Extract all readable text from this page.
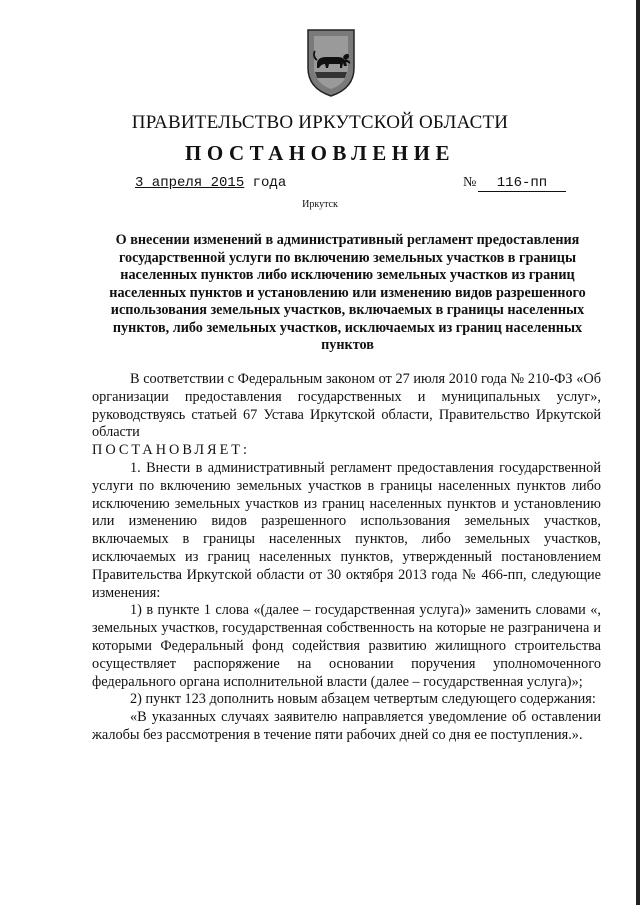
ПРАВИТЕЛЬСТВО ИРКУТСКОЙ ОБЛАСТИ
ПОСТАНОВЛЕНИЕ
3 апреля 2015 года	№	116-пп
Иркутск
О внесении изменений в административный регламент предоставления государственной услуги по включению земельных участков в границы населенных пунктов либо исключению земельных участков из границ населенных пунктов и установлению или изменению видов разрешенного использования земельных участков, включаемых в границы населенных пунктов, либо земельных участков, исключаемых из границ населенных пунктов

В соответствии с Федеральным законом от 27 июля 2010 года № 210-ФЗ «Об организации предоставления государственных и муниципальных услуг», руководствуясь статьей 67 Устава Иркутской области, Правительство Иркутской области

ПОСТАНОВЛЯЕТ:

1. Внести в административный регламент предоставления государственной услуги по включению земельных участков в границы населенных пунктов либо исключению земельных участков из границ населенных пунктов и установлению или изменению видов разрешенного использования земельных участков, включаемых в границы населенных пунктов, либо земельных участков, исключаемых из границ населенных пунктов, утвержденный постановлением Правительства Иркутской области от 30 октября 2013 года № 466-пп, следующие изменения:

1) в пункте 1 слова «(далее – государственная услуга)» заменить словами «, земельных участков, государственная собственность на которые не разграничена и которыми Федеральный фонд содействия развитию жилищного строительства осуществляет распоряжение на основании поручения уполномоченного федерального органа исполнительной власти (далее – государственная услуга)»;

2) пункт 123 дополнить новым абзацем четвертым следующего содержания:

«В указанных случаях заявителю направляется уведомление об оставлении жалобы без рассмотрения в течение пяти рабочих дней со дня ее поступления.».
